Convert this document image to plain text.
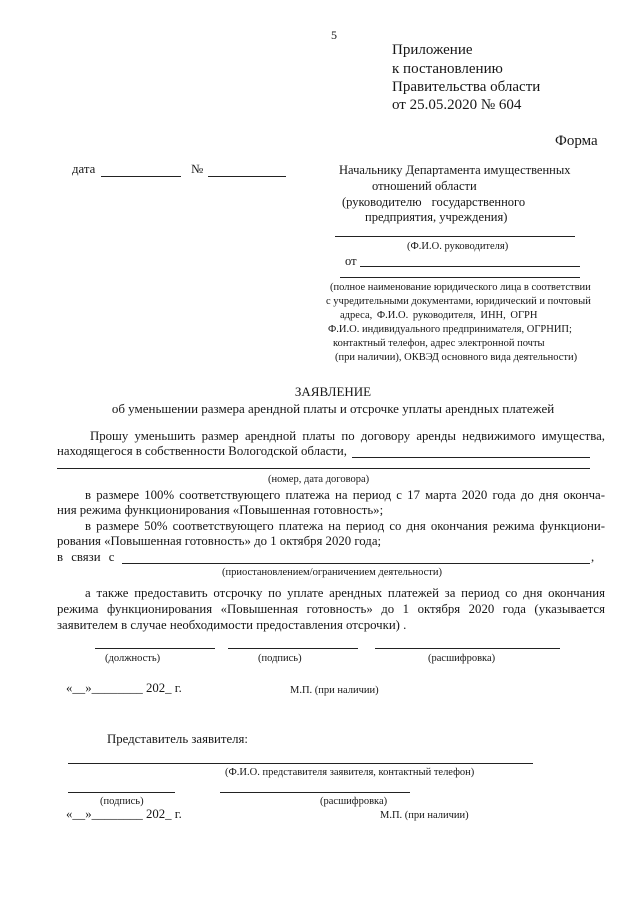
5
Приложение
к постановлению
Правительства области
от 25.05.2020 № 604
Форма
дата	№	Начальнику Департамента имущественных
отношений области
(руководителю государственного
предприятия, учреждения)
(Ф.И.О. руководителя)
от
(полное наименование юридического лица в соответствии
с учредительными документами, юридический и почтовый
адреса, Ф.И.О. руководителя, ИНН, ОГРН
Ф.И.О. индивидуального предпринимателя, ОГРНИП;
контактный телефон, адрес электронной почты
(при наличии), ОКВЭД основного вида деятельности)
ЗАЯВЛЕНИЕ
об уменьшении размера арендной платы и отсрочке уплаты арендных платежей
Прошу уменьшить размер арендной платы по договору аренды недвижимого имущества,
находящегося в собственности Вологодской области,
(номер, дата договора)
в размере 100% соответствующего платежа на период с 17 марта 2020 года до дня оконча-
ния режима функционирования «Повышенная готовность»;
в размере 50% соответствующего платежа на период со дня окончания режима функциони-
рования «Повышенная готовность» до 1 октября 2020 года;
в связи с	,
(приостановлением/ограничением деятельности)
а также предоставить отсрочку по уплате арендных платежей за период со дня окончания
режима функционирования «Повышенная готовность» до 1 октября 2020 года (указывается
заявителем в случае необходимости предоставления отсрочки) .
(должность)	(подпись)	(расшифровка)
«__»________ 202_ г.	М.П. (при наличии)
Представитель заявителя:
(Ф.И.О. представителя заявителя, контактный телефон)
(подпись)	(расшифровка)
«__»________ 202_ г.	М.П. (при наличии)
